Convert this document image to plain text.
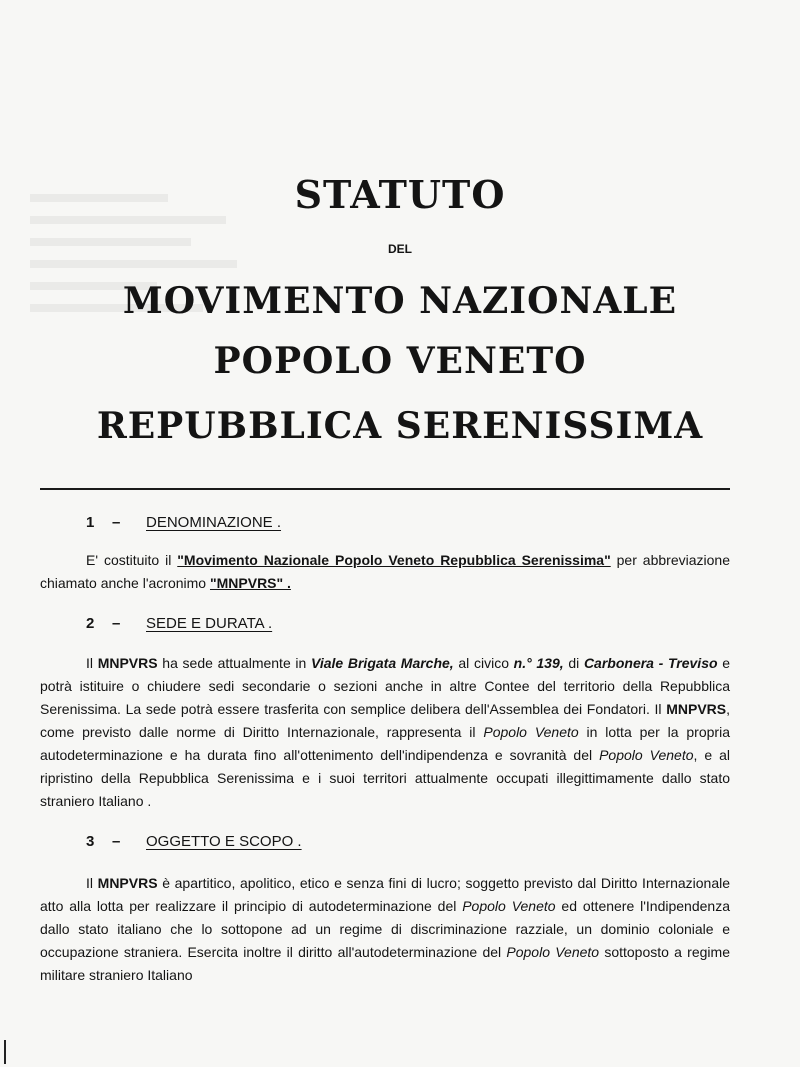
STATUTO
DEL
MOVIMENTO NAZIONALE
POPOLO VENETO
REPUBBLICA SERENISSIMA
1 – DENOMINAZIONE .

E' costituito il "Movimento Nazionale Popolo Veneto Repubblica Serenissima" per abbreviazione chiamato anche l'acronimo "MNPVRS" .

2 – SEDE E DURATA .

Il MNPVRS ha sede attualmente in Viale Brigata Marche, al civico n.° 139, di Carbonera - Treviso e potrà istituire o chiudere sedi secondarie o sezioni anche in altre Contee del territorio della Repubblica Serenissima. La sede potrà essere trasferita con semplice delibera dell'Assemblea dei Fondatori. Il MNPVRS, come previsto dalle norme di Diritto Internazionale, rappresenta il Popolo Veneto in lotta per la propria autodeterminazione e ha durata fino all'ottenimento dell'indipendenza e sovranità del Popolo Veneto, e al ripristino della Repubblica Serenissima e i suoi territori attualmente occupati illegittimamente dallo stato straniero Italiano .

3 – OGGETTO E SCOPO .

Il MNPVRS è apartitico, apolitico, etico e senza fini di lucro; soggetto previsto dal Diritto Internazionale atto alla lotta per realizzare il principio di autodeterminazione del Popolo Veneto ed ottenere l'Indipendenza dallo stato italiano che lo sottopone ad un regime di discriminazione razziale, un dominio coloniale e occupazione straniera. Esercita inoltre il diritto all'autodeterminazione del Popolo Veneto sottoposto a regime militare straniero Italiano
